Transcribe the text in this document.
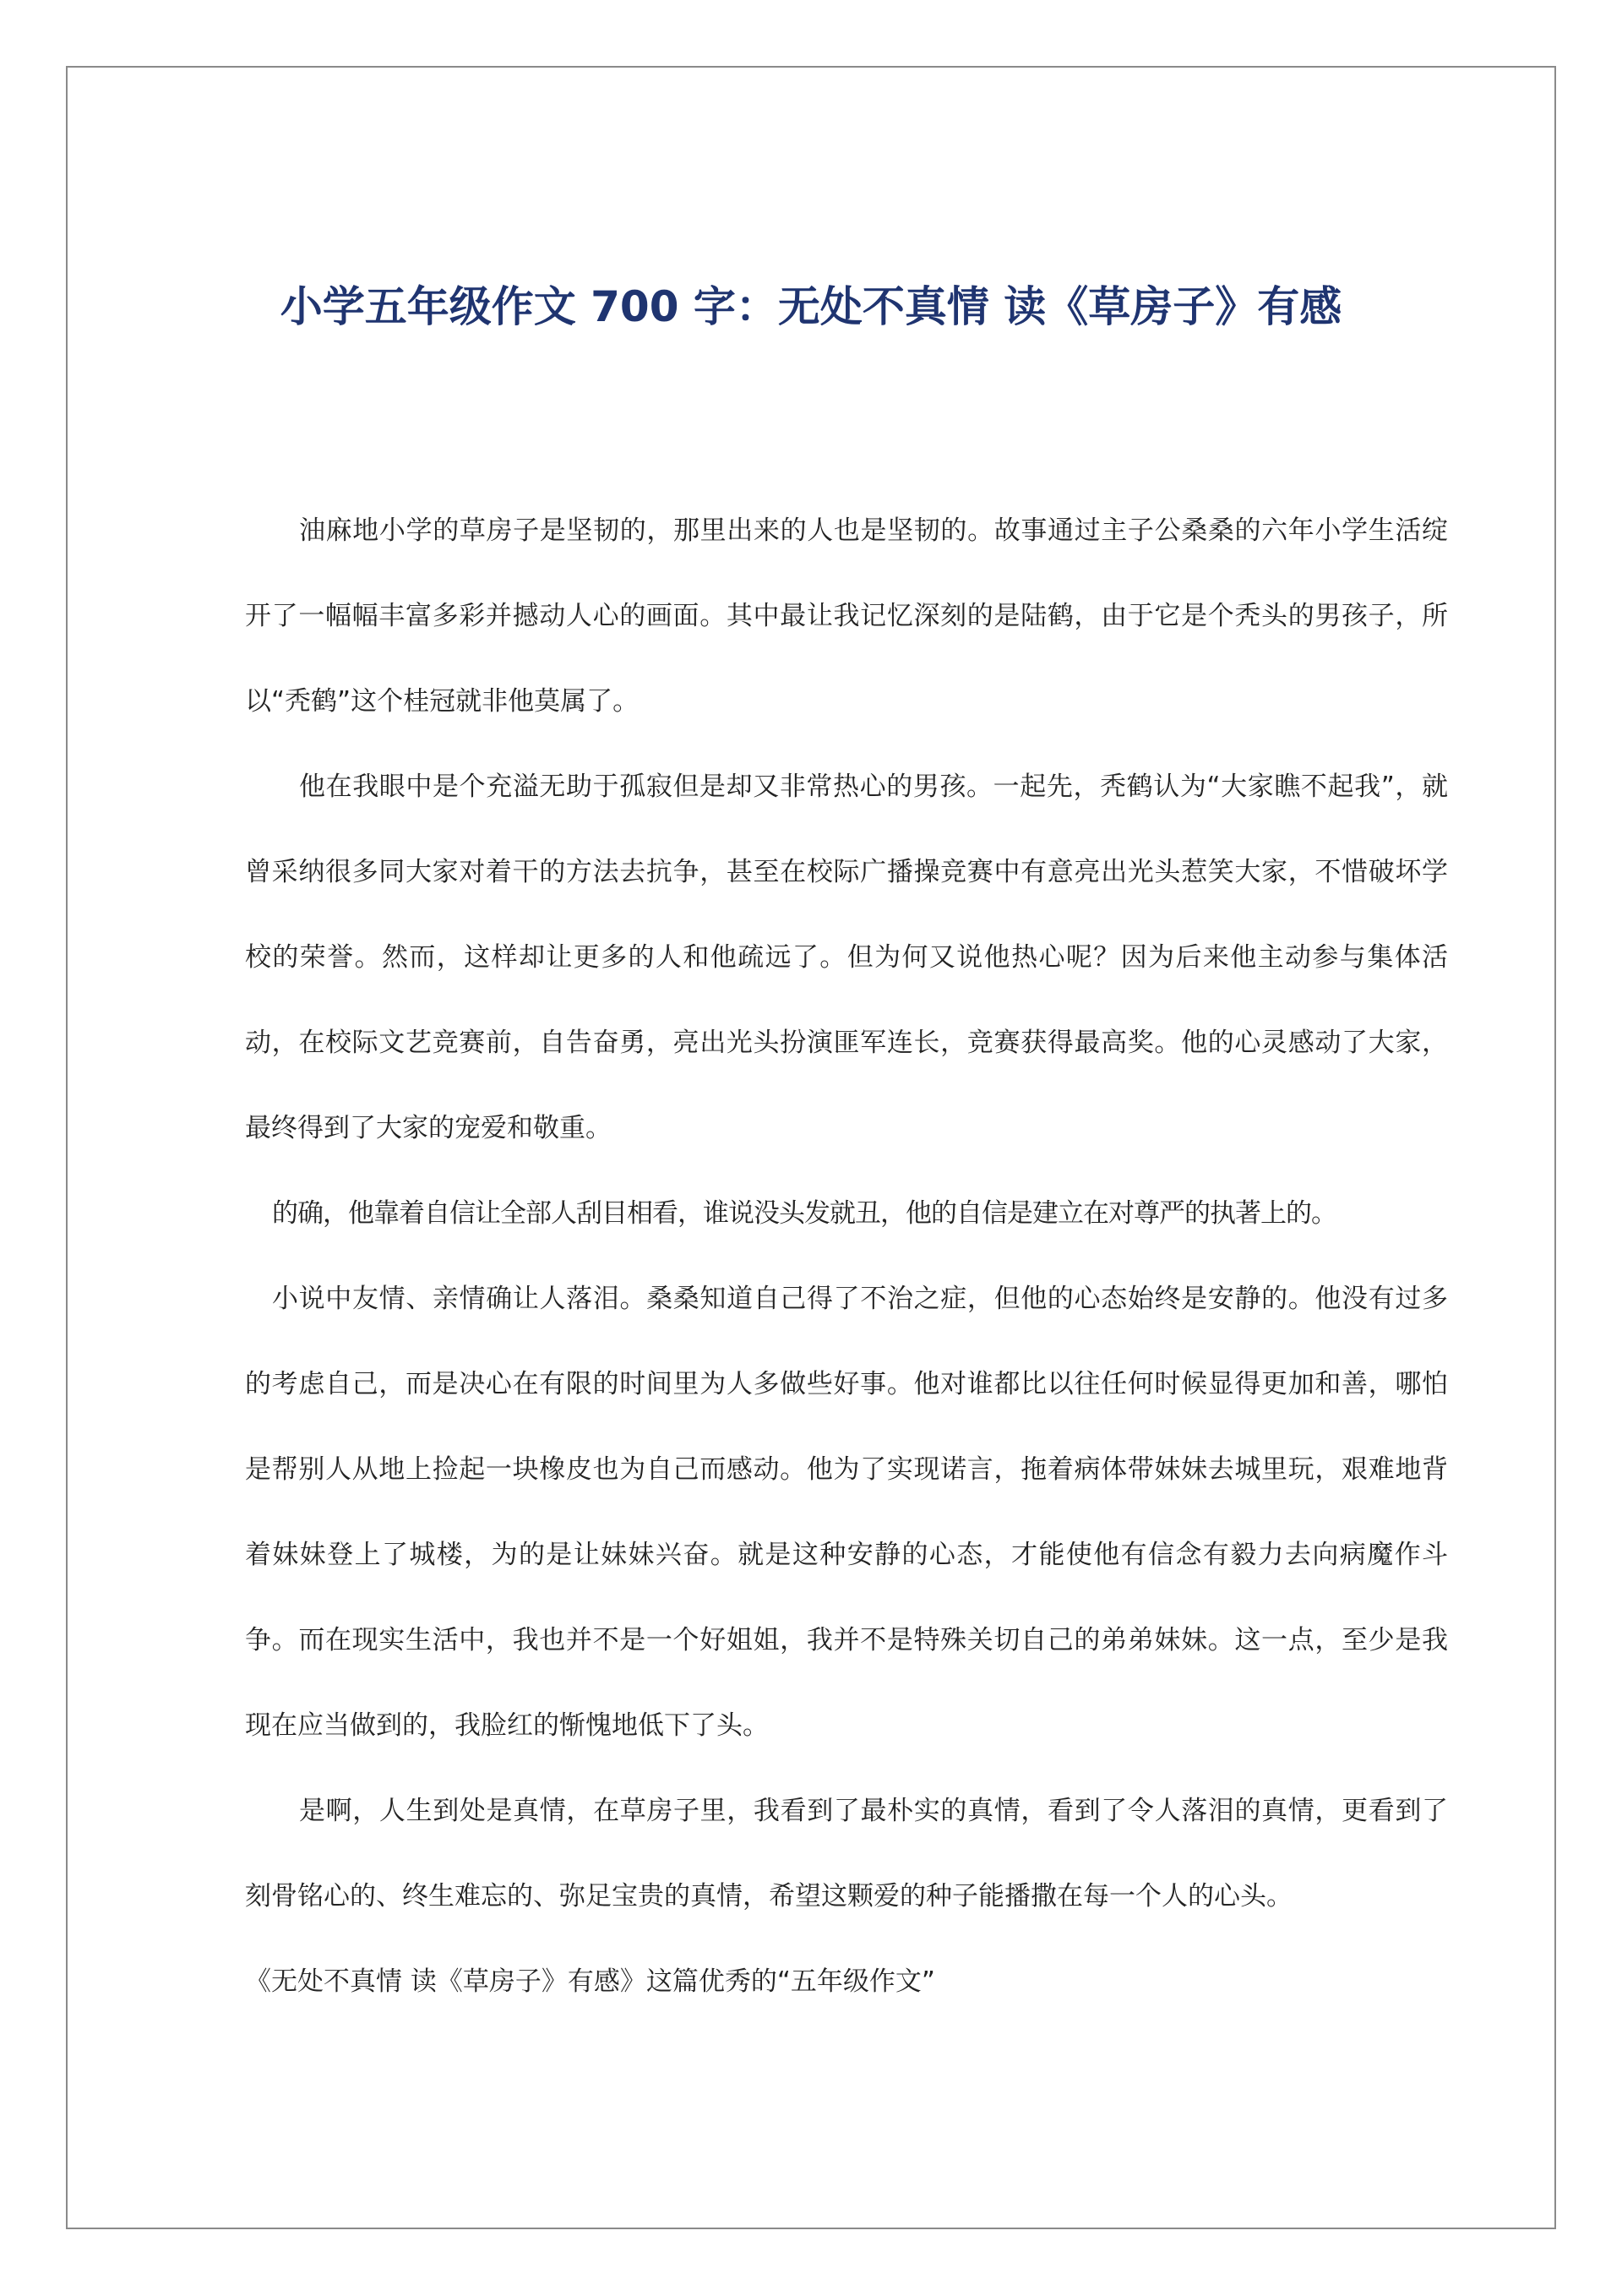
小学五年级作文 700 字：无处不真情 读《草房子》有感

油麻地小学的草房子是坚韧的，那里出来的人也是坚韧的。故事通过主子公桑桑的六年小学生活绽开了一幅幅丰富多彩并撼动人心的画面。其中最让我记忆深刻的是陆鹤，由于它是个秃头的男孩子，所以“秃鹤”这个桂冠就非他莫属了。

他在我眼中是个充溢无助于孤寂但是却又非常热心的男孩。一起先，秃鹤认为“大家瞧不起我”，就曾采纳很多同大家对着干的方法去抗争，甚至在校际广播操竞赛中有意亮出光头惹笑大家，不惜破坏学校的荣誉。然而，这样却让更多的人和他疏远了。但为何又说他热心呢？因为后来他主动参与集体活动，在校际文艺竞赛前，自告奋勇，亮出光头扮演匪军连长，竞赛获得最高奖。他的心灵感动了大家，最终得到了大家的宠爱和敬重。

的确，他靠着自信让全部人刮目相看，谁说没头发就丑，他的自信是建立在对尊严的执著上的。

小说中友情、亲情确让人落泪。桑桑知道自己得了不治之症，但他的心态始终是安静的。他没有过多的考虑自己，而是决心在有限的时间里为人多做些好事。他对谁都比以往任何时候显得更加和善，哪怕是帮别人从地上捡起一块橡皮也为自己而感动。他为了实现诺言，拖着病体带妹妹去城里玩，艰难地背着妹妹登上了城楼，为的是让妹妹兴奋。就是这种安静的心态，才能使他有信念有毅力去向病魔作斗争。而在现实生活中，我也并不是一个好姐姐，我并不是特殊关切自己的弟弟妹妹。这一点，至少是我现在应当做到的，我脸红的惭愧地低下了头。

是啊，人生到处是真情，在草房子里，我看到了最朴实的真情，看到了令人落泪的真情，更看到了刻骨铭心的、终生难忘的、弥足宝贵的真情，希望这颗爱的种子能播撒在每一个人的心头。

《无处不真情 读《草房子》有感》这篇优秀的“五年级作文”
